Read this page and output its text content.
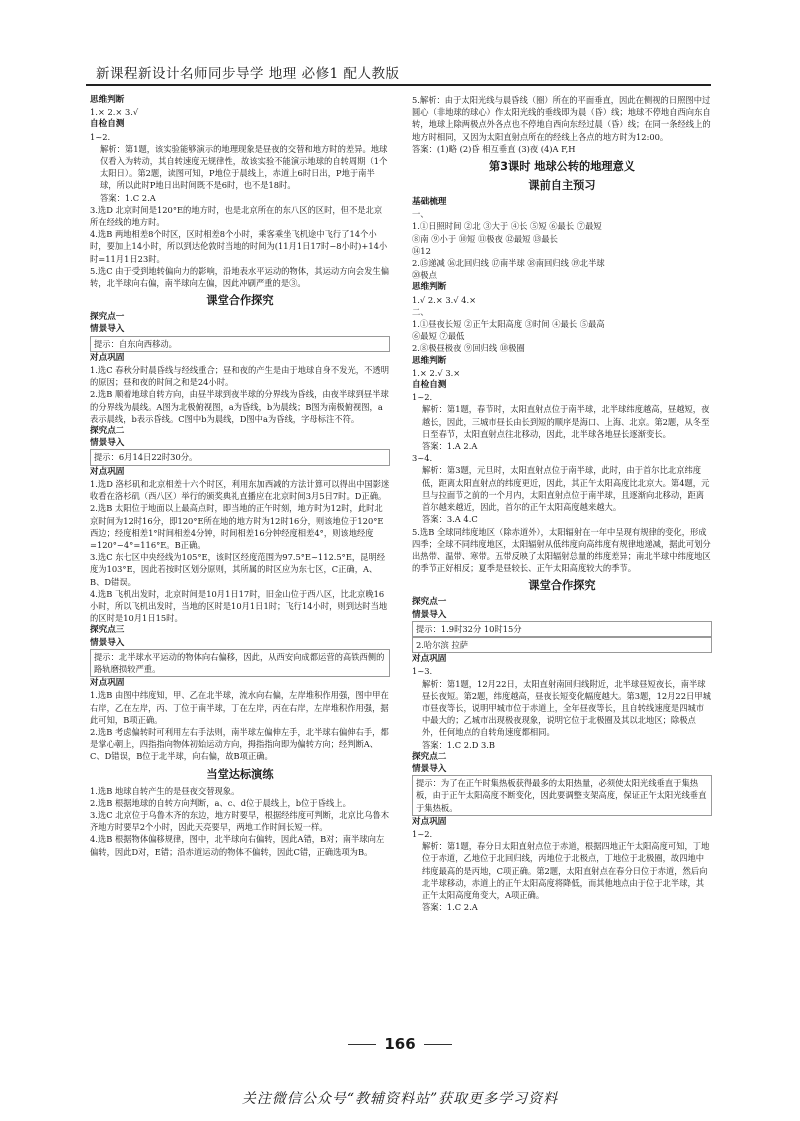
新课程新设计名师同步导学 地理 必修1 配人教版

思维判断

1.× 2.× 3.√

自检自测

1~2.

解析：第1题，该实验能够演示的地理现象是昼夜的交替和地方时的差异。地球仅看入为转动，其自转速度无规律性，故该实验不能演示地球的自转周期（1个太阳日）。第2题，读图可知，P地位于晨线上，赤道上6时日出，P地于南半球，所以此时P地日出时间既不是6时，也不是18时。

答案：1.C 2.A

3.选D 北京时间是120°E的地方时，也是北京所在的东八区的区时，但不是北京所在经线的地方时。

4.选B 两地相差8个时区，区时相差8个小时，乘客乘坐飞机途中飞行了14个小时，要加上14小时，所以到达伦敦时当地的时间为(11月1日17时−8小时)+14小时=11月1日23时。

5.选C 由于受到地转偏向力的影响，沿地表水平运动的物体，其运动方向会发生偏转，北半球向右偏，南半球向左偏，因此冲刷严重的是③。

课堂合作探究

探究点一

情景导入

提示：自东向西移动。

对点巩固

1.选C 春秋分时晨昏线与经线重合；昼和夜的产生是由于地球自身不发光，不透明的原因；昼和夜的时间之和是24小时。

2.选B 顺着地球自转方向，由昼半球到夜半球的分界线为昏线，由夜半球到昼半球的分界线为晨线。A图为北极俯视图，a为昏线，b为晨线；B图为南极俯视图，a表示晨线，b表示昏线。C图中b为晨线，D图中a为昏线，字母标注不符。

探究点二

情景导入

提示：6月14日22时30分。

对点巩固

1.选D 洛杉矶和北京相差十六个时区，利用东加西减的方法计算可以得出中国影迷收看在洛杉矶（西八区）举行的颁奖典礼直播应在北京时间3月5日7时。D正确。

2.选B 太阳位于地面以上最高点时，即当地的正午时刻，地方时为12时，此时北京时间为12时16分，即120°E所在地的地方时为12时16分，则该地位于120°E西边；经度相差1°时间相差4分钟，时间相差16分钟经度相差4°，则该地经度=120°−4°=116°E。B正确。

3.选C 东七区中央经线为105°E，该时区经度范围为97.5°E~112.5°E，昆明经度为103°E，因此若按时区划分原则，其所属的时区应为东七区，C正确，A、B、D错误。

4.选B 飞机出发时，北京时间是10月1日17时，旧金山位于西八区，比北京晚16小时，所以飞机出发时，当地的区时是10月1日1时；飞行14小时，则到达时当地的区时是10月1日15时。

探究点三

情景导入

提示：北半球水平运动的物体向右偏移，因此，从西安向成都运营的高铁西侧的路轨磨损较严重。

对点巩固

1.选B 由图中纬度知，甲、乙在北半球，流水向右偏，左岸堆积作用强，图中甲在右岸，乙在左岸，丙、丁位于南半球，丁在左岸，丙在右岸，左岸堆积作用强，据此可知，B项正确。

2.选B 考虑偏转时可利用左右手法则，南半球左偏伸左手，北半球右偏伸右手，都是掌心朝上，四指指向物体初始运动方向，拇指指向即为偏转方向；经判断A、C、D错误，B位于北半球，向右偏，故B项正确。

当堂达标演练

1.选B 地球自转产生的是昼夜交替现象。

2.选B 根据地球的自转方向判断，a、c、d位于晨线上，b位于昏线上。

3.选C 北京位于乌鲁木齐的东边，地方时要早，根据经纬度可判断，北京比乌鲁木齐地方时要早2个小时，因此天亮要早，两地工作时间长短一样。

4.选B 根据物体偏移规律，图中，北半球向右偏转，因此A错，B对；南半球向左偏转，因此D对，E错；沿赤道运动的物体不偏转，因此C错，正确选项为B。

5.解析：由于太阳光线与晨昏线（圈）所在的平面垂直，因此在侧视的日照图中过圆心（非地球的球心）作太阳光线的垂线即为晨（昏）线；地球不停地自西向东自转，地球上除两极点外各点也不停地自西向东经过晨（昏）线；在同一条经线上的地方时相同，又因为太阳直射点所在的经线上各点的地方时为12:00。

答案：(1)略 (2)昏 相互垂直 (3)夜 (4)A F,H

第3课时 地球公转的地理意义
课前自主预习

基础梳理

一、

1.①日照时间 ②北 ③大于 ④长 ⑤短 ⑥最长 ⑦最短

⑧南 ⑨小于 ⑩短 ⑪极夜 ⑫最短 ⑬最长

⑭12

2.⑮递减 ⑯北回归线 ⑰南半球 ⑱南回归线 ⑲北半球

⑳极点

思维判断

1.√ 2.× 3.√ 4.×

二、

1.①昼夜长短 ②正午太阳高度 ③时间 ④最长 ⑤最高

⑥最短 ⑦最低

2.⑧极昼极夜 ⑨回归线 ⑩极圈

思维判断

1.× 2.√ 3.×

自检自测

1~2.

解析：第1题，春节时，太阳直射点位于南半球，北半球纬度越高，昼越短，夜越长，因此，三城市昼长由长到短的顺序是海口、上海、北京。第2题，从冬至日至春节，太阳直射点往北移动，因此，北半球各地昼长逐渐变长。

答案：1.A 2.A

3~4.

解析：第3题，元旦时，太阳直射点位于南半球，此时，由于首尔比北京纬度低，距离太阳直射点的纬度更近，因此，其正午太阳高度比北京大。第4题，元旦与拉面节之前的一个月内，太阳直射点位于南半球，且逐渐向北移动，距离首尔越来越近，因此，首尔的正午太阳高度越来越大。

答案：3.A 4.C

5.选B 全球同纬度地区（除赤道外），太阳辐射在一年中呈现有规律的变化，形成四季；全球不同纬度地区，太阳辐射从低纬度向高纬度有规律地递减，据此可划分出热带、温带、寒带。五带反映了太阳辐射总量的纬度差异；南北半球中纬度地区的季节正好相反；夏季是昼较长、正午太阳高度较大的季节。

课堂合作探究

探究点一

情景导入

提示：1.9时32分 10时15分

2.哈尔滨 拉萨

对点巩固

1~3.

解析：第1题，12月22日，太阳直射南回归线附近，北半球昼短夜长，南半球昼长夜短。第2题，纬度越高，昼夜长短变化幅度越大。第3题，12月22日甲城市昼夜等长，说明甲城市位于赤道上，全年昼夜等长，且自转线速度是四城市中最大的；乙城市出现极夜现象，说明它位于北极圈及其以北地区；除极点外，任何地点的自转角速度都相同。

答案：1.C 2.D 3.B

探究点二

情景导入

提示：为了在正午时集热板获得最多的太阳热量，必须使太阳光线垂直于集热板，由于正午太阳高度不断变化，因此要调整支架高度，保证正午太阳光线垂直于集热板。

对点巩固

1~2.

解析：第1题，春分日太阳直射点位于赤道，根据四地正午太阳高度可知，丁地位于赤道，乙地位于北回归线，丙地位于北极点，丁地位于北极圈，故四地中纬度最高的是丙地，C项正确。第2题，太阳直射点在春分日位于赤道，然后向北半球移动，赤道上的正午太阳高度将降低，而其他地点由于位于北半球，其正午太阳高度角变大，A项正确。

答案：1.C 2.A

166
关注微信公众号“教辅资料站”获取更多学习资料
